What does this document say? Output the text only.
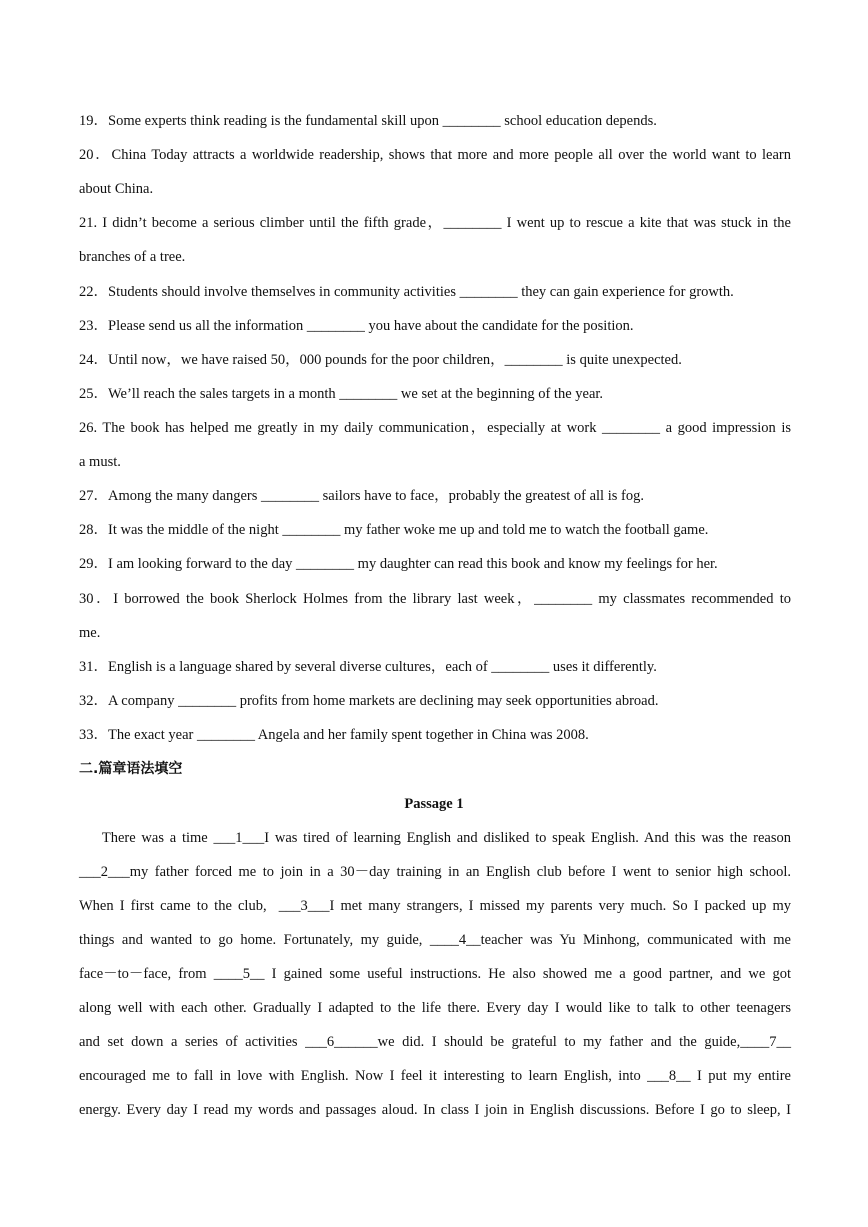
19．Some experts think reading is the fundamental skill upon ________ school education depends.
20．China Today attracts a worldwide readership, shows that more and more people all over the world want to learn
about China.
21. I didn’t become a serious climber until the fifth grade，________ I went up to rescue a kite that was stuck in the
branches of a tree.
22．Students should involve themselves in community activities ________ they can gain experience for growth.
23．Please send us all the information ________ you have about the candidate for the position.
24．Until now，we have raised 50，000 pounds for the poor children，________ is quite unexpected.
25．We’ll reach the sales targets in a month ________ we set at the beginning of the year.
26. The book has helped me greatly in my daily communication，especially at work ________ a good impression is
a must.
27．Among the many dangers ________ sailors have to face，probably the greatest of all is fog.
28．It was the middle of the night ________ my father woke me up and told me to watch the football game.
29．I am looking forward to the day ________ my daughter can read this book and know my feelings for her.
30．I borrowed the book Sherlock Holmes from the library last week，________ my classmates recommended to
me.
31．English is a language shared by several diverse cultures，each of ________ uses it differently.
32．A company ________ profits from home markets are declining may seek opportunities abroad.
33．The exact year ________ Angela and her family spent together in China was 2008.
二.篇章语法填空
Passage 1
There was a time ___1___I was tired of learning English and disliked to speak English. And this was the reason
___2___my father forced me to join in a 30－day training in an English club before I went to senior high school.
When I first came to the club,  ___3___I met many strangers, I missed my parents very much. So I packed up my
things and wanted to go home. Fortunately, my guide, ____4__teacher was Yu Minhong, communicated with me
face－to－face, from ____5__ I gained some useful instructions. He also showed me a good partner, and we got
along well with each other. Gradually I adapted to the life there. Every day I would like to talk to other teenagers
and set down a series of activities ___6______we did. I should be grateful to my father and the guide,____7__
encouraged me to fall in love with English. Now I feel it interesting to learn English, into ___8__ I put my entire
energy. Every day I read my words and passages aloud. In class I join in English discussions. Before I go to sleep, I
